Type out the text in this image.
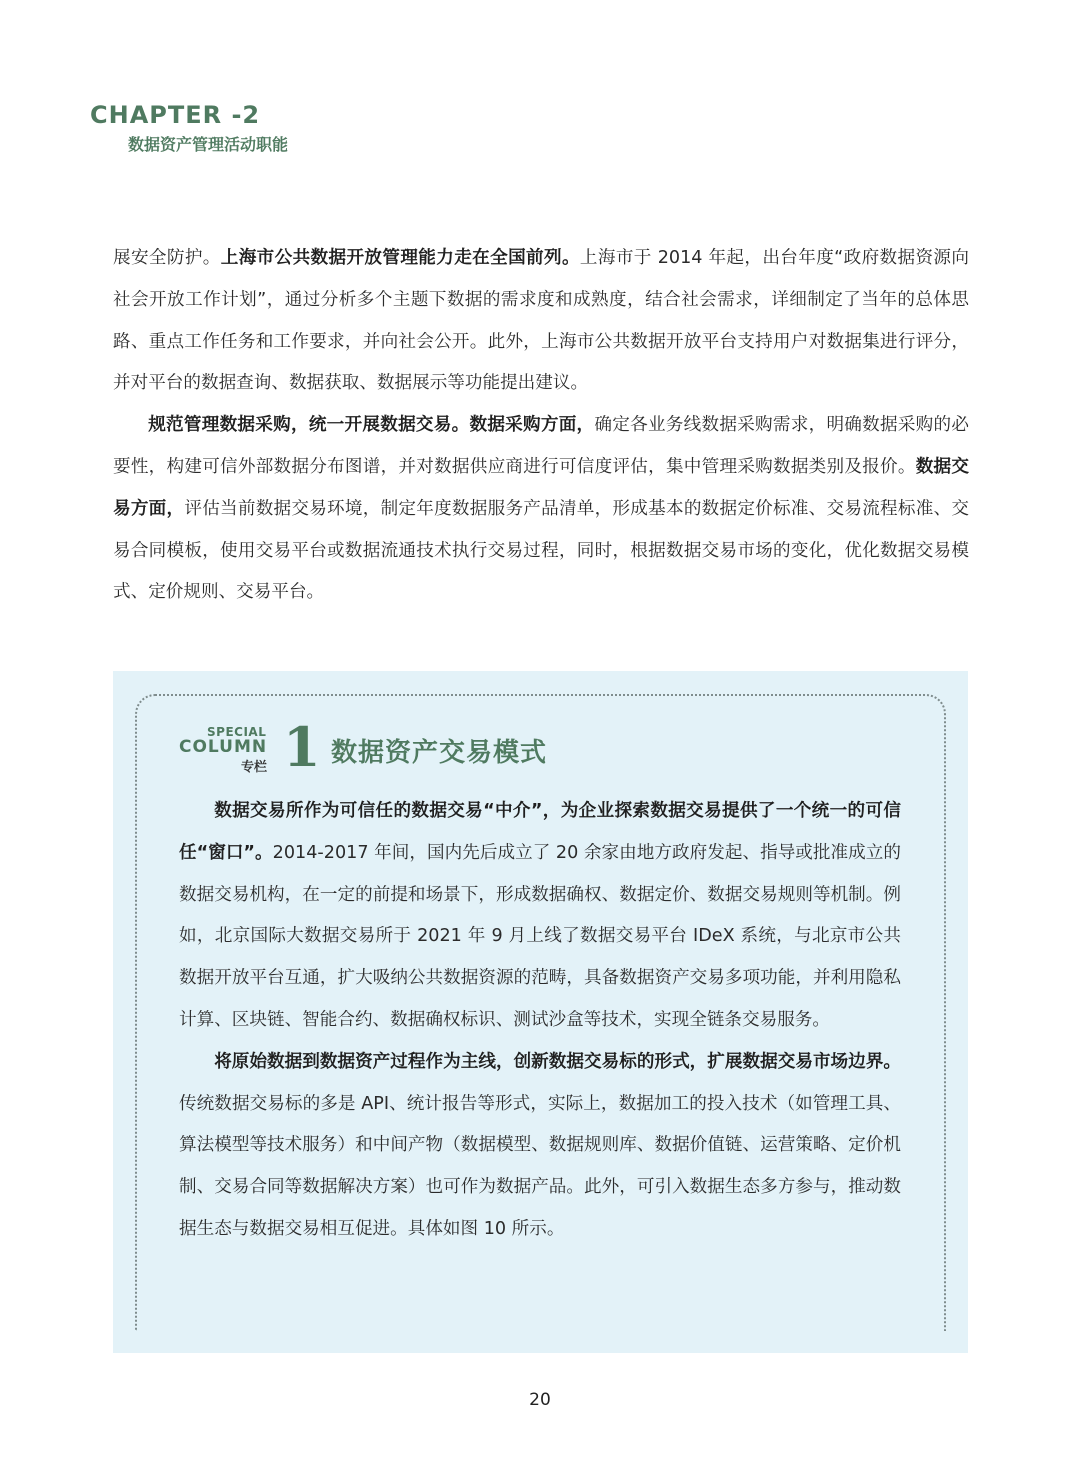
CHAPTER -2
数据资产管理活动职能

展安全防护。上海市公共数据开放管理能力走在全国前列。上海市于 2014 年起，出台年度“政府数据资源向社会开放工作计划”，通过分析多个主题下数据的需求度和成熟度，结合社会需求，详细制定了当年的总体思路、重点工作任务和工作要求，并向社会公开。此外，上海市公共数据开放平台支持用户对数据集进行评分，并对平台的数据查询、数据获取、数据展示等功能提出建议。

规范管理数据采购，统一开展数据交易。数据采购方面，确定各业务线数据采购需求，明确数据采购的必要性，构建可信外部数据分布图谱，并对数据供应商进行可信度评估，集中管理采购数据类别及报价。数据交易方面，评估当前数据交易环境，制定年度数据服务产品清单，形成基本的数据定价标准、交易流程标准、交易合同模板，使用交易平台或数据流通技术执行交易过程，同时，根据数据交易市场的变化，优化数据交易模式、定价规则、交易平台。

SPECIAL
COLUMN
专栏 1 数据资产交易模式

数据交易所作为可信任的数据交易“中介”，为企业探索数据交易提供了一个统一的可信任“窗口”。2014-2017 年间，国内先后成立了 20 余家由地方政府发起、指导或批准成立的数据交易机构，在一定的前提和场景下，形成数据确权、数据定价、数据交易规则等机制。例如，北京国际大数据交易所于 2021 年 9 月上线了数据交易平台 IDeX 系统，与北京市公共数据开放平台互通，扩大吸纳公共数据资源的范畴，具备数据资产交易多项功能，并利用隐私计算、区块链、智能合约、数据确权标识、测试沙盒等技术，实现全链条交易服务。

将原始数据到数据资产过程作为主线，创新数据交易标的形式，扩展数据交易市场边界。传统数据交易标的多是 API、统计报告等形式，实际上，数据加工的投入技术（如管理工具、算法模型等技术服务）和中间产物（数据模型、数据规则库、数据价值链、运营策略、定价机制、交易合同等数据解决方案）也可作为数据产品。此外，可引入数据生态多方参与，推动数据生态与数据交易相互促进。具体如图 10 所示。

20
